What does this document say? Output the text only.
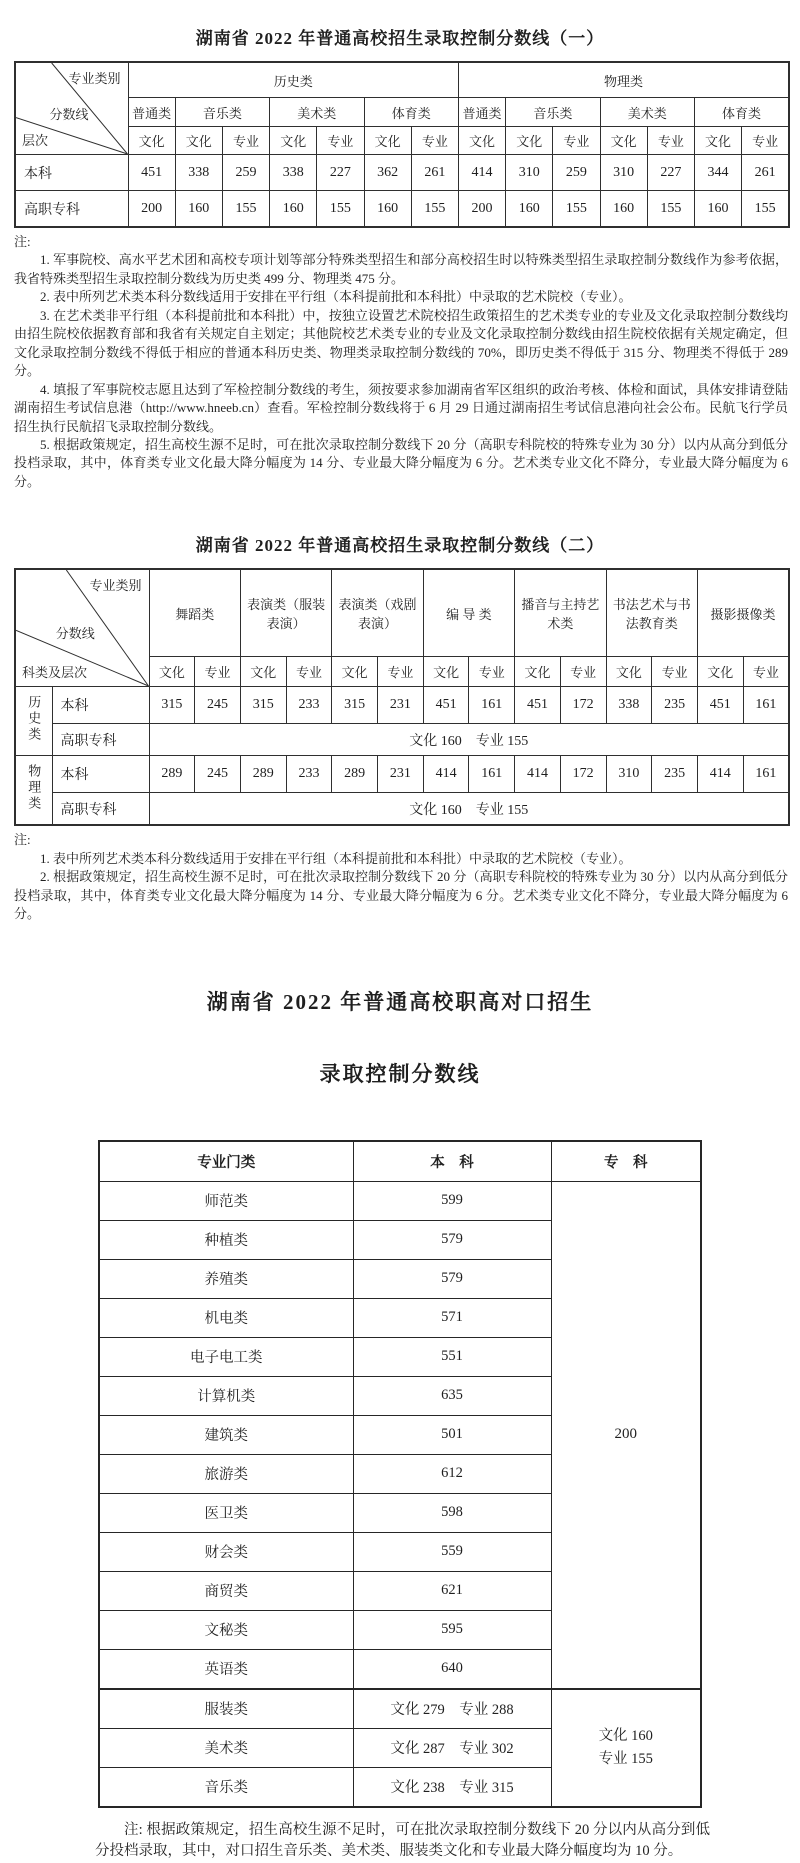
湖南省 2022 年普通高校招生录取控制分数线（一）
专业类别
分数线
层次	历史类							物理类						
	普通类	音乐类		美术类		体育类		普通类	音乐类		美术类		体育类	
	文化	文化	专业	文化	专业	文化	专业	文化	文化	专业	文化	专业	文化	专业
本科	451	338	259	338	227	362	261	414	310	259	310	227	344	261
高职专科	200	160	155	160	155	160	155	200	160	155	160	155	160	155

注:

1. 军事院校、高水平艺术团和高校专项计划等部分特殊类型招生和部分高校招生时以特殊类型招生录取控制分数线作为参考依据，我省特殊类型招生录取控制分数线为历史类 499 分、物理类 475 分。

2. 表中所列艺术类本科分数线适用于安排在平行组（本科提前批和本科批）中录取的艺术院校（专业）。

3. 在艺术类非平行组（本科提前批和本科批）中，按独立设置艺术院校招生政策招生的艺术类专业的专业及文化录取控制分数线均由招生院校依据教育部和我省有关规定自主划定；其他院校艺术类专业的专业及文化录取控制分数线由招生院校依据有关规定确定，但文化录取控制分数线不得低于相应的普通本科历史类、物理类录取控制分数线的 70%，即历史类不得低于 315 分、物理类不得低于 289 分。

4. 填报了军事院校志愿且达到了军检控制分数线的考生，须按要求参加湖南省军区组织的政治考核、体检和面试，具体安排请登陆湖南招生考试信息港（http://www.hneeb.cn）查看。军检控制分数线将于 6 月 29 日通过湖南招生考试信息港向社会公布。民航飞行学员招生执行民航招飞录取控制分数线。

5. 根据政策规定，招生高校生源不足时，可在批次录取控制分数线下 20 分（高职专科院校的特殊专业为 30 分）以内从高分到低分投档录取，其中，体育类专业文化最大降分幅度为 14 分、专业最大降分幅度为 6 分。艺术类专业文化不降分，专业最大降分幅度为 6 分。

湖南省 2022 年普通高校招生录取控制分数线（二）
专业类别
分数线
科类及层次		舞蹈类		表演类（服装表演）		表演类（戏剧表演）		编 导 类		播音与主持艺术类		书法艺术与书法教育类		摄影摄像类	
		文化	专业	文化	专业	文化	专业	文化	专业	文化	专业	文化	专业	文化	专业
历史类	本科	315	245	315	233	315	231	451	161	451	172	338	235	451	161
	高职专科	文化 160　专业 155													
物理类	本科	289	245	289	233	289	231	414	161	414	172	310	235	414	161
	高职专科	文化 160　专业 155													

注:

1. 表中所列艺术类本科分数线适用于安排在平行组（本科提前批和本科批）中录取的艺术院校（专业）。

2. 根据政策规定，招生高校生源不足时，可在批次录取控制分数线下 20 分（高职专科院校的特殊专业为 30 分）以内从高分到低分投档录取，其中，体育类专业文化最大降分幅度为 14 分、专业最大降分幅度为 6 分。艺术类专业文化不降分，专业最大降分幅度为 6 分。

湖南省 2022 年普通高校职高对口招生
录取控制分数线
专业门类	本　科	专　科
师范类	599	200
种植类	579	
养殖类	579	
机电类	571	
电子电工类	551	
计算机类	635	
建筑类	501	
旅游类	612	
医卫类	598	
财会类	559	
商贸类	621	
文秘类	595	
英语类	640	
服装类	文化 279　专业 288	文化 160
专业 155

美术类	文化 287　专业 302	
音乐类	文化 238　专业 315	

注: 根据政策规定，招生高校生源不足时，可在批次录取控制分数线下 20 分以内从高分到低分投档录取，其中，对口招生音乐类、美术类、服装类文化和专业最大降分幅度均为 10 分。
